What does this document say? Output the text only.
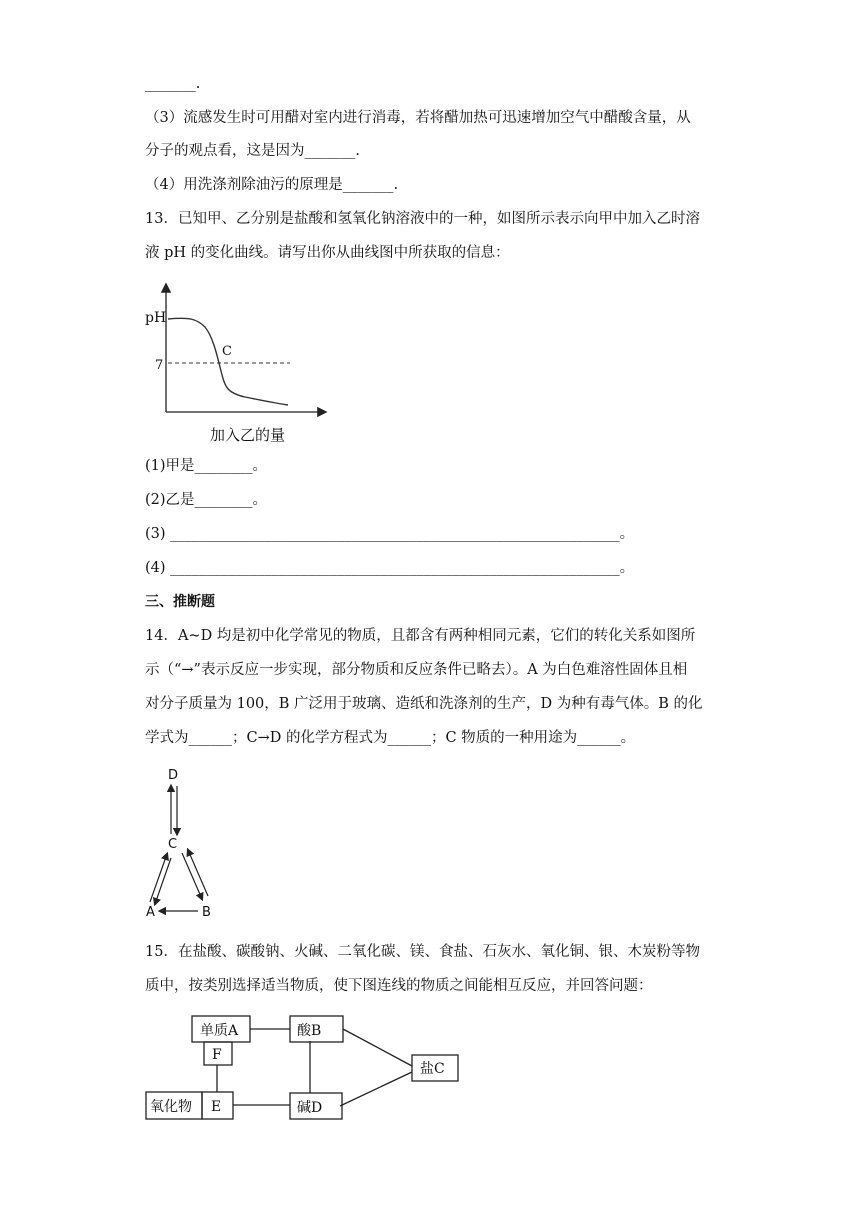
_______.
（3）流感发生时可用醋对室内进行消毒，若将醋加热可迅速增加空气中醋酸含量，从
分子的观点看，这是因为_______.
（4）用洗涤剂除油污的原理是_______.
13．已知甲、乙分别是盐酸和氢氧化钠溶液中的一种，如图所示表示向甲中加入乙时溶
液 pH 的变化曲线。请写出你从曲线图中所获取的信息：
pH
7
C
加入乙的量
(1)甲是________。
(2)乙是________。
(3) ______________________________________________________________。
(4) ______________________________________________________________。
三、推断题
14．A~D 均是初中化学常见的物质，且都含有两种相同元素，它们的转化关系如图所
示（“→”表示反应一步实现，部分物质和反应条件已略去）。A 为白色难溶性固体且相
对分子质量为 100，B 广泛用于玻璃、造纸和洗涤剂的生产，D 为种有毒气体。B 的化
学式为______；C→D 的化学方程式为______；C 物质的一种用途为______。
D
C
A	B
15．在盐酸、碳酸钠、火碱、二氧化碳、镁、食盐、石灰水、氧化铜、银、木炭粉等物
质中，按类别选择适当物质，使下图连线的物质之间能相互反应，并回答问题：
单质A
F
酸B
盐C
氧化物 E	碱D
